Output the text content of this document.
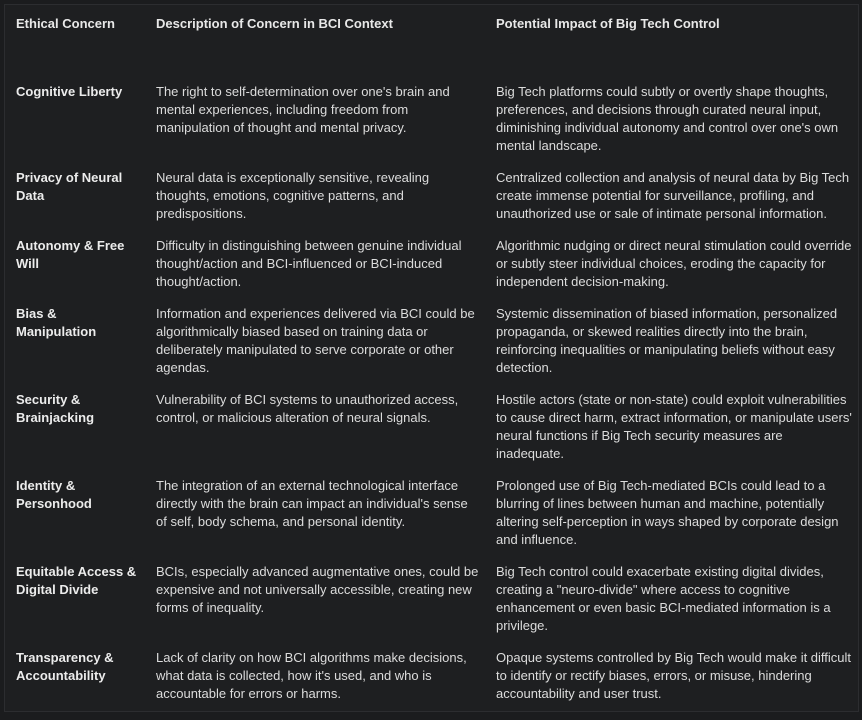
Ethical Concern	Description of Concern in BCI Context	Potential Impact of Big Tech Control
Cognitive Liberty	The right to self-determination over one's brain and mental experiences, including freedom from manipulation of thought and mental privacy.	Big Tech platforms could subtly or overtly shape thoughts, preferences, and decisions through curated neural input, diminishing individual autonomy and control over one's own mental landscape.
Privacy of Neural Data	Neural data is exceptionally sensitive, revealing thoughts, emotions, cognitive patterns, and predispositions.	Centralized collection and analysis of neural data by Big Tech create immense potential for surveillance, profiling, and unauthorized use or sale of intimate personal information.
Autonomy & Free Will	Difficulty in distinguishing between genuine individual thought/action and BCI-influenced or BCI-induced thought/action.	Algorithmic nudging or direct neural stimulation could override or subtly steer individual choices, eroding the capacity for independent decision-making.
Bias & Manipulation	Information and experiences delivered via BCI could be algorithmically biased based on training data or deliberately manipulated to serve corporate or other agendas.	Systemic dissemination of biased information, personalized propaganda, or skewed realities directly into the brain, reinforcing inequalities or manipulating beliefs without easy detection.
Security & Brainjacking	Vulnerability of BCI systems to unauthorized access, control, or malicious alteration of neural signals.	Hostile actors (state or non-state) could exploit vulnerabilities to cause direct harm, extract information, or manipulate users' neural functions if Big Tech security measures are inadequate.
Identity & Personhood	The integration of an external technological interface directly with the brain can impact an individual's sense of self, body schema, and personal identity.	Prolonged use of Big Tech-mediated BCIs could lead to a blurring of lines between human and machine, potentially altering self-perception in ways shaped by corporate design and influence.
Equitable Access & Digital Divide	BCIs, especially advanced augmentative ones, could be expensive and not universally accessible, creating new forms of inequality.	Big Tech control could exacerbate existing digital divides, creating a "neuro-divide" where access to cognitive enhancement or even basic BCI-mediated information is a privilege.
Transparency & Accountability	Lack of clarity on how BCI algorithms make decisions, what data is collected, how it's used, and who is accountable for errors or harms.	Opaque systems controlled by Big Tech would make it difficult to identify or rectify biases, errors, or misuse, hindering accountability and user trust.
